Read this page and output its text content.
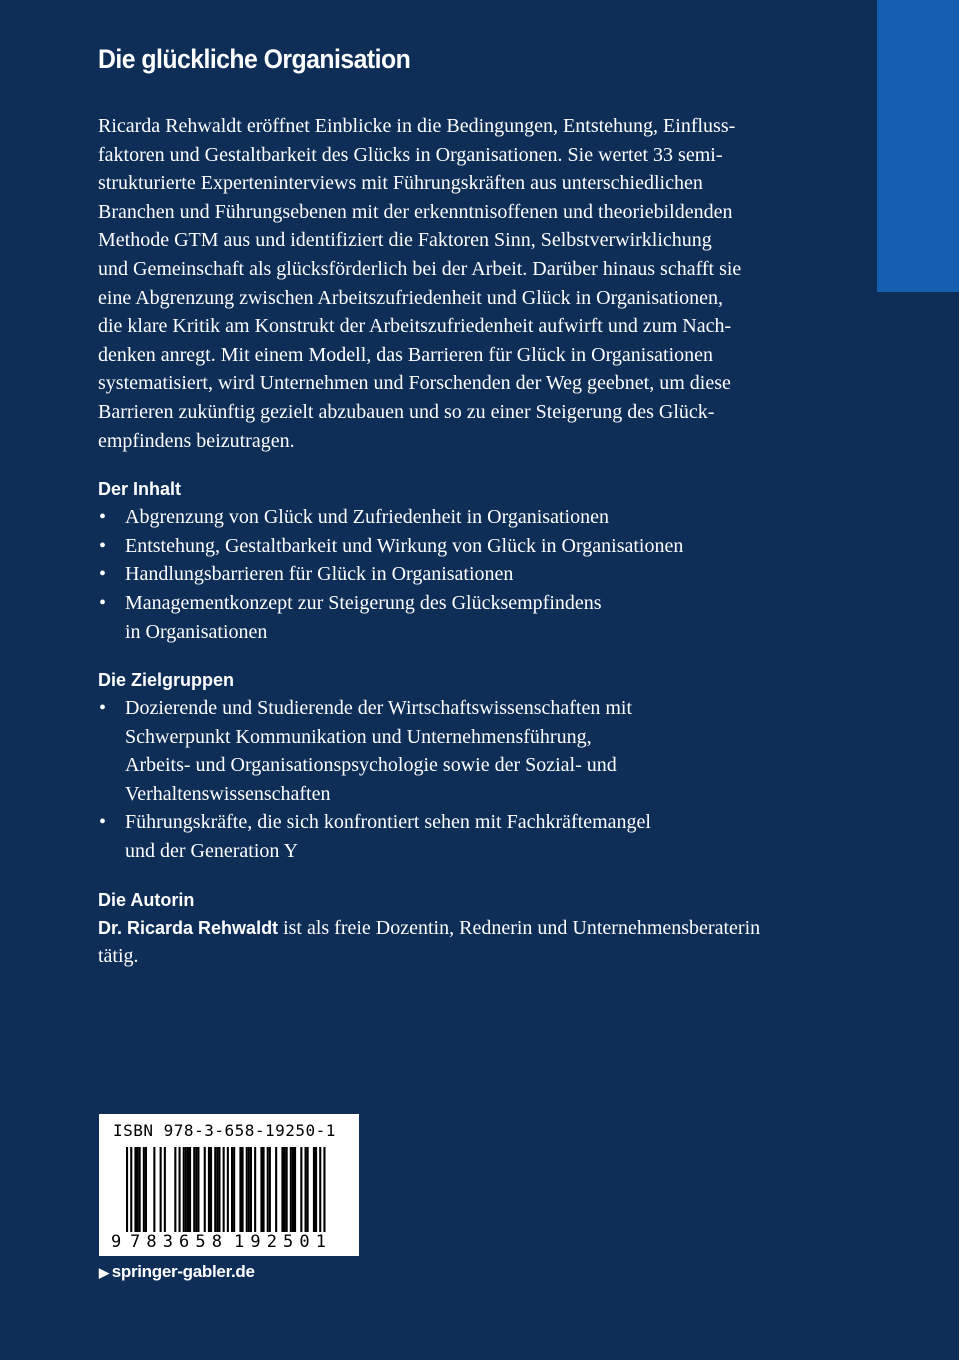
Die glückliche Organisation

Ricarda Rehwaldt eröffnet Einblicke in die Bedingungen, Entstehung, Einfluss-
faktoren und Gestaltbarkeit des Glücks in Organisationen. Sie wertet 33 semi-
strukturierte Experteninterviews mit Führungskräften aus unterschiedlichen
Branchen und Führungsebenen mit der erkenntnisoffenen und theoriebildenden
Methode GTM aus und identifiziert die Faktoren Sinn, Selbstverwirklichung
und Gemeinschaft als glücksförderlich bei der Arbeit. Darüber hinaus schafft sie
eine Abgrenzung zwischen Arbeitszufriedenheit und Glück in Organisationen,
die klare Kritik am Konstrukt der Arbeitszufriedenheit aufwirft und zum Nach-
denken anregt. Mit einem Modell, das Barrieren für Glück in Organisationen
systematisiert, wird Unternehmen und Forschenden der Weg geebnet, um diese
Barrieren zukünftig gezielt abzubauen und so zu einer Steigerung des Glück-
empfindens beizutragen.

Der Inhalt
• Abgrenzung von Glück und Zufriedenheit in Organisationen
• Entstehung, Gestaltbarkeit und Wirkung von Glück in Organisationen
• Handlungsbarrieren für Glück in Organisationen
• Managementkonzept zur Steigerung des Glücksempfindens
in Organisationen
Die Zielgruppen
• Dozierende und Studierende der Wirtschaftswissenschaften mit
Schwerpunkt Kommunikation und Unternehmensführung,
Arbeits- und Organisationspsychologie sowie der Sozial- und
Verhaltenswissenschaften
• Führungskräfte, die sich konfrontiert sehen mit Fachkräftemangel
und der Generation Y
Die Autorin

Dr. Ricarda Rehwaldt ist als freie Dozentin, Rednerin und Unternehmensberaterin
tätig.

ISBN 978-3-658-19250-1
9 783658 192501
▶ springer-gabler.de
